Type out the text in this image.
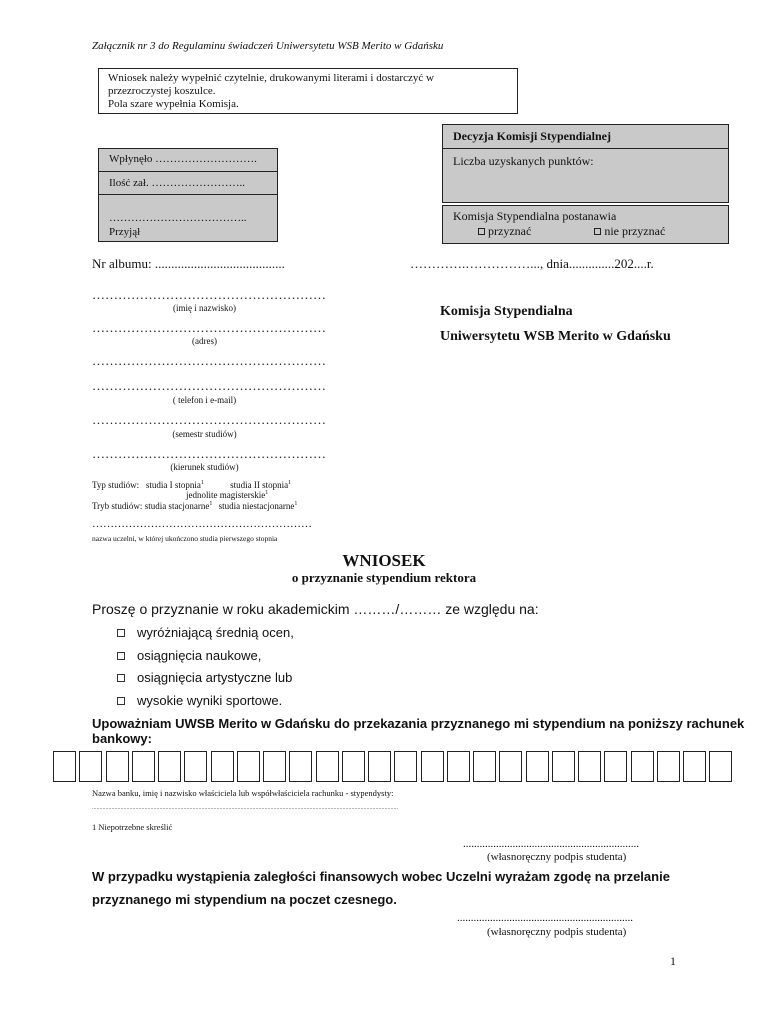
Załącznik nr 3 do Regulaminu świadczeń Uniwersytetu WSB Merito w Gdańsku
Wniosek należy wypełnić czytelnie, drukowanymi literami i dostarczyć w
przezroczystej koszulce.
Pola szare wypełnia Komisja.
Decyzja Komisji Stypendialnej
Liczba uzyskanych punktów:
Komisja Stypendialna postanawia
przyznać	nie przyznać
Wpłynęło ……………………….
Ilość zał. ……………………..
………………………………..
Przyjął
Nr albumu: ........................................	………….……………..., dnia..............202....r.
………………………………………………
(imię i nazwisko)
………………………………………………
(adres)
………………………………………………
………………………………………………
( telefon i e-mail)
………………………………………………
(semestr studiów)
………………………………………………
(kierunek studiów)
Komisja Stypendialna
Uniwersytetu WSB Merito w Gdańsku
Typ studiów: studia I stopnia$^1$	studia II stopnia$^1$
jednolite magisterskie$^1$
Tryb studiów: studia stacjonarne$^1$ studia niestacjonarne$^1$
……………………………………………………
nazwa uczelni, w której ukończono studia pierwszego stopnia
WNIOSEK
o przyznanie stypendium rektora
Proszę o przyznanie w roku akademickim ………/……… ze względu na:
wyróżniającą średnią ocen,
osiągnięcia naukowe,
osiągnięcia artystyczne lub
wysokie wyniki sportowe.
Upoważniam UWSB Merito w Gdańsku do przekazania przyznanego mi stypendium na poniższy rachunek
bankowy:
Nazwa banku, imię i nazwisko właściciela lub współwłaściciela rachunku - stypendysty:
............................................................................................................................................................................................................
1 Niepotrzebne skreślić
................................................................
(własnoręczny podpis studenta)
W przypadku wystąpienia zaległości finansowych wobec Uczelni wyrażam zgodę na przelanie
przyznanego mi stypendium na poczet czesnego.
................................................................
(własnoręczny podpis studenta)
1
